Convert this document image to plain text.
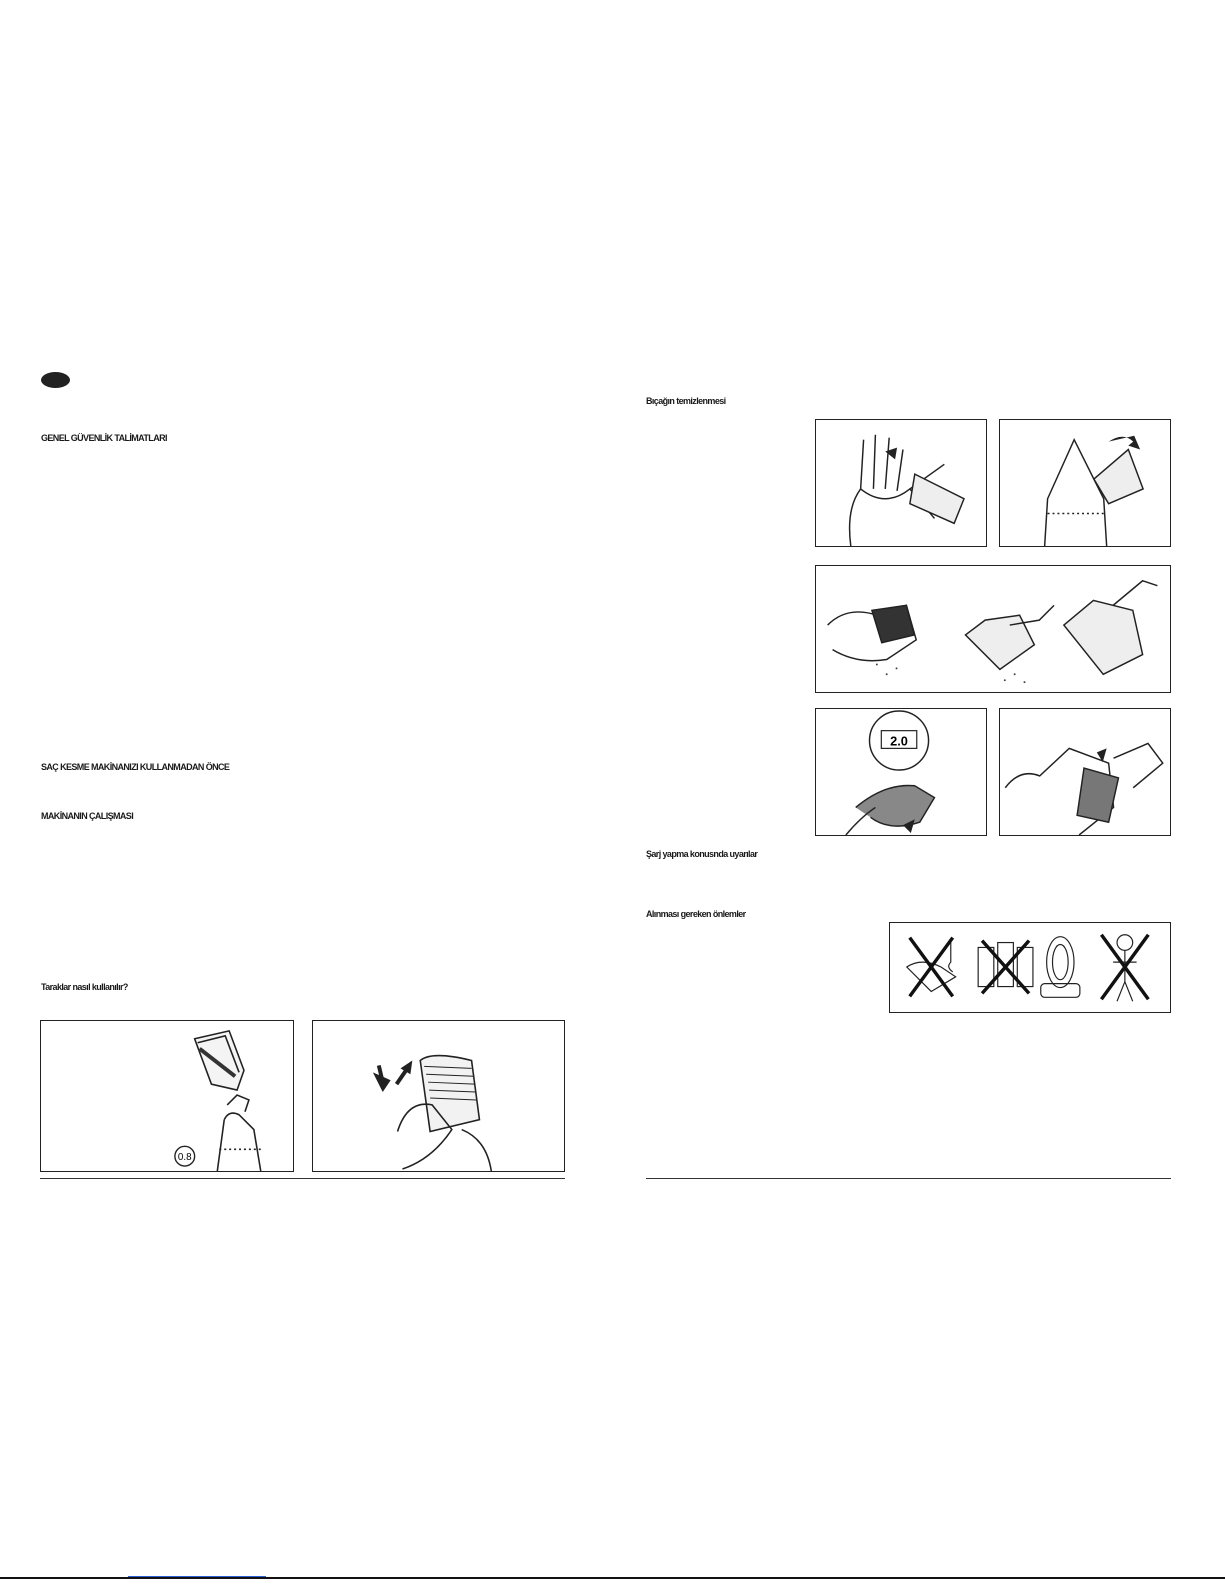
GENEL GÜVENLİK TALİMATLARI
SAÇ KESME MAKİNANIZI KULLANMADAN ÖNCE
MAKİNANIN ÇALIŞMASI
Taraklar nasıl kullanılır?
0.8
Bıçağın temizlenmesi
2.0
Şarj yapma konusnda uyarılar
Alınması gereken önlemler
